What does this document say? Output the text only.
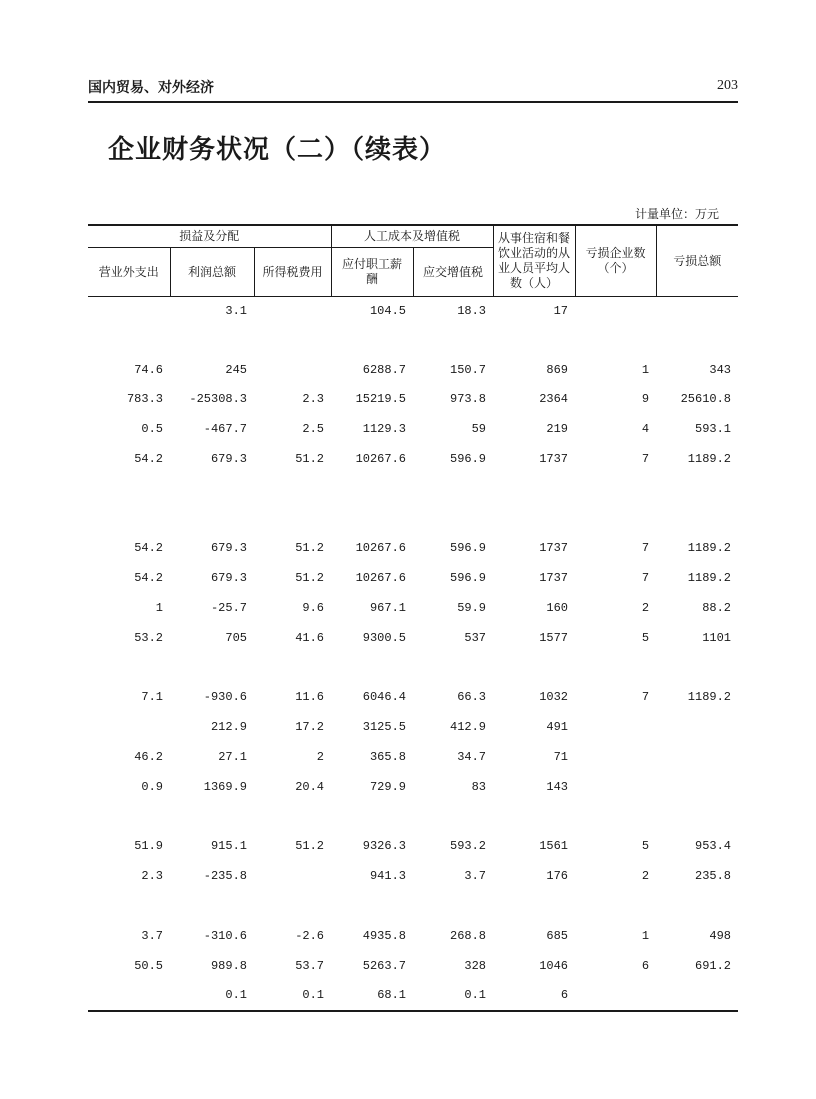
国内贸易、对外经济	203
企业财务状况（二）（续表）
计量单位：万元
损益及分配			人工成本及增值税		从事住宿和餐饮业活动的从业人员平均人数（人）	亏损企业数（个）	亏损总额
营业外支出	利润总额	所得税费用	应付职工薪酬	应交增值税			
	3.1		104.5	18.3	17		

74.6	245		6288.7	150.7	869	1	343
783.3	-25308.3	2.3	15219.5	973.8	2364	9	25610.8
0.5	-467.7	2.5	1129.3	59	219	4	593.1
54.2	679.3	51.2	10267.6	596.9	1737	7	1189.2

54.2	679.3	51.2	10267.6	596.9	1737	7	1189.2
54.2	679.3	51.2	10267.6	596.9	1737	7	1189.2
1	-25.7	9.6	967.1	59.9	160	2	88.2
53.2	705	41.6	9300.5	537	1577	5	1101

7.1	-930.6	11.6	6046.4	66.3	1032	7	1189.2
	212.9	17.2	3125.5	412.9	491		
46.2	27.1	2	365.8	34.7	71		
0.9	1369.9	20.4	729.9	83	143		

51.9	915.1	51.2	9326.3	593.2	1561	5	953.4
2.3	-235.8		941.3	3.7	176	2	235.8

3.7	-310.6	-2.6	4935.8	268.8	685	1	498
50.5	989.8	53.7	5263.7	328	1046	6	691.2
	0.1	0.1	68.1	0.1	6		
